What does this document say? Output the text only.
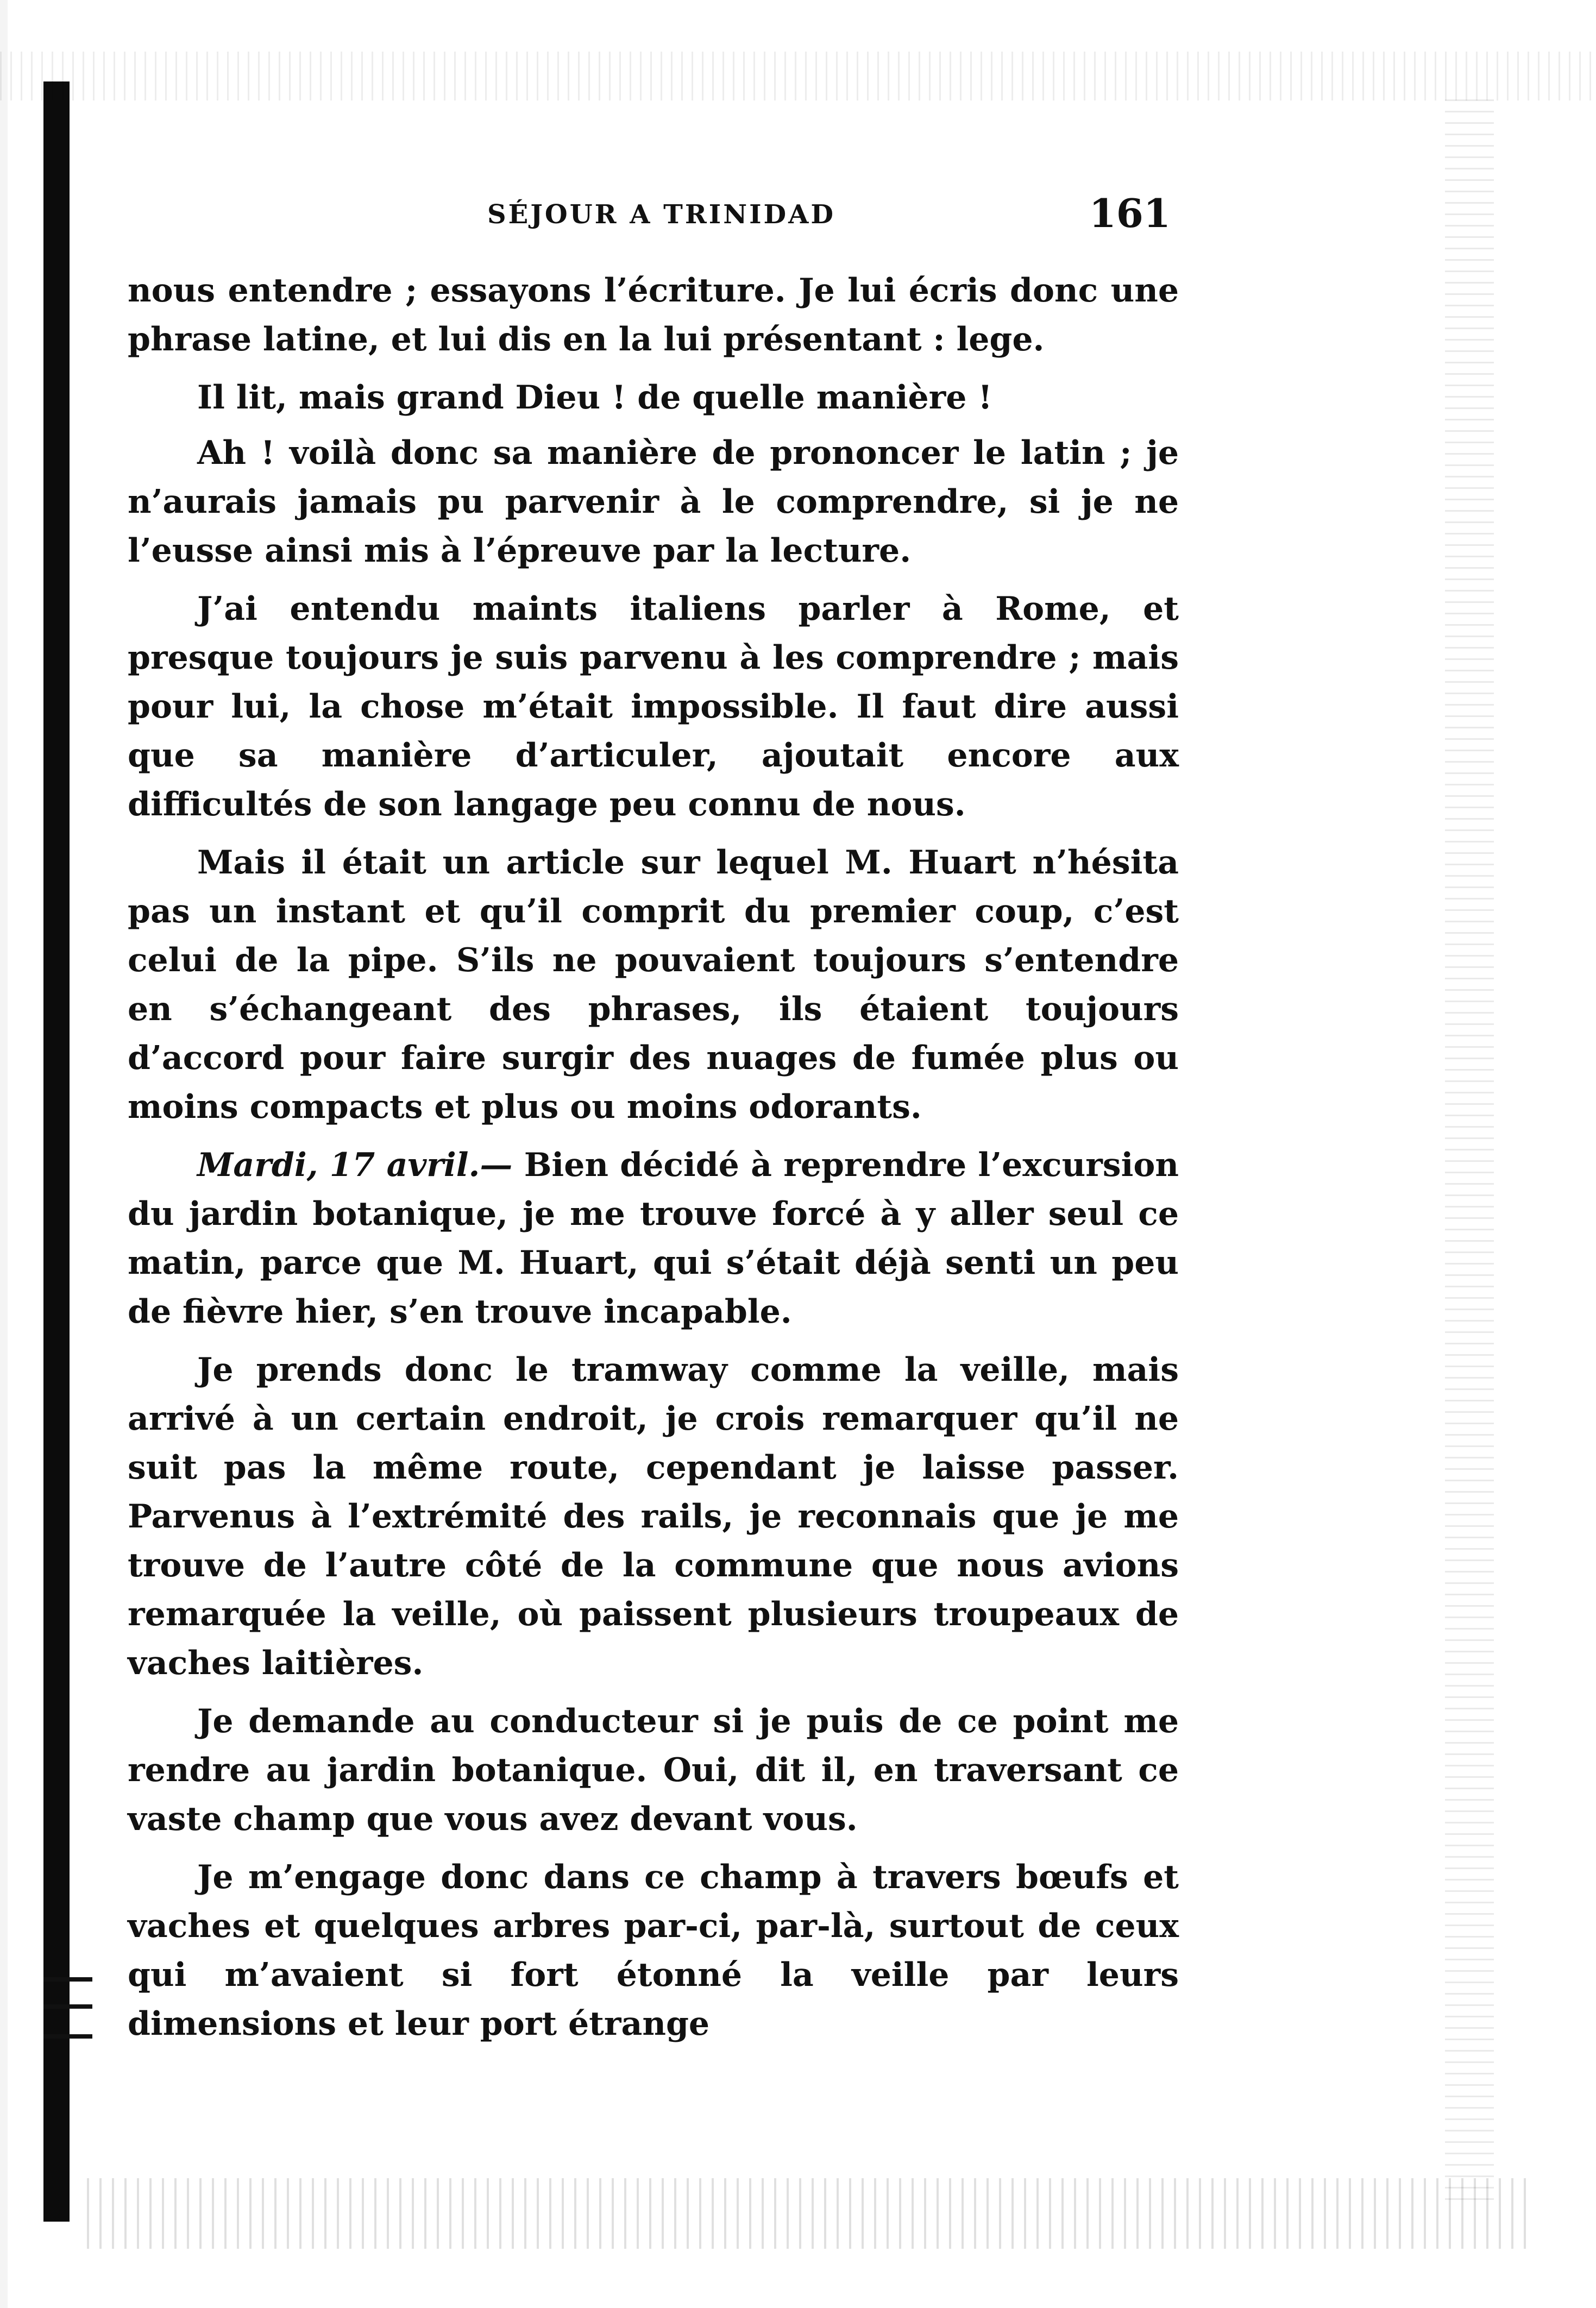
SÉJOUR A TRINIDAD	161

nous entendre ; essayons l’écriture. Je lui écris donc une phrase latine, et lui dis en la lui présentant : lege.

Il lit, mais grand Dieu ! de quelle manière !

Ah ! voilà donc sa manière de prononcer le latin ; je n’aurais jamais pu parvenir à le comprendre, si je ne l’eusse ainsi mis à l’épreuve par la lecture.

J’ai entendu maints italiens parler à Rome, et presque toujours je suis parvenu à les comprendre ; mais pour lui, la chose m’était impossible. Il faut dire aussi que sa manière d’articuler, ajoutait encore aux difficultés de son langage peu connu de nous.

Mais il était un article sur lequel M. Huart n’hésita pas un instant et qu’il comprit du premier coup, c’est celui de la pipe. S’ils ne pouvaient toujours s’entendre en s’échangeant des phrases, ils étaient toujours d’accord pour faire surgir des nuages de fumée plus ou moins compacts et plus ou moins odorants.

Mardi, 17 avril.— Bien décidé à reprendre l’excursion du jardin botanique, je me trouve forcé à y aller seul ce matin, parce que M. Huart, qui s’était déjà senti un peu de fièvre hier, s’en trouve incapable.

Je prends donc le tramway comme la veille, mais arrivé à un certain endroit, je crois remarquer qu’il ne suit pas la même route, cependant je laisse passer. Parvenus à l’extrémité des rails, je reconnais que je me trouve de l’autre côté de la commune que nous avions remarquée la veille, où paissent plusieurs troupeaux de vaches laitières.

Je demande au conducteur si je puis de ce point me rendre au jardin botanique. Oui, dit il, en traversant ce vaste champ que vous avez devant vous.

Je m’engage donc dans ce champ à travers bœufs et vaches et quelques arbres par-ci, par-là, surtout de ceux qui m’avaient si fort étonné la veille par leurs dimensions et leur port étrange
